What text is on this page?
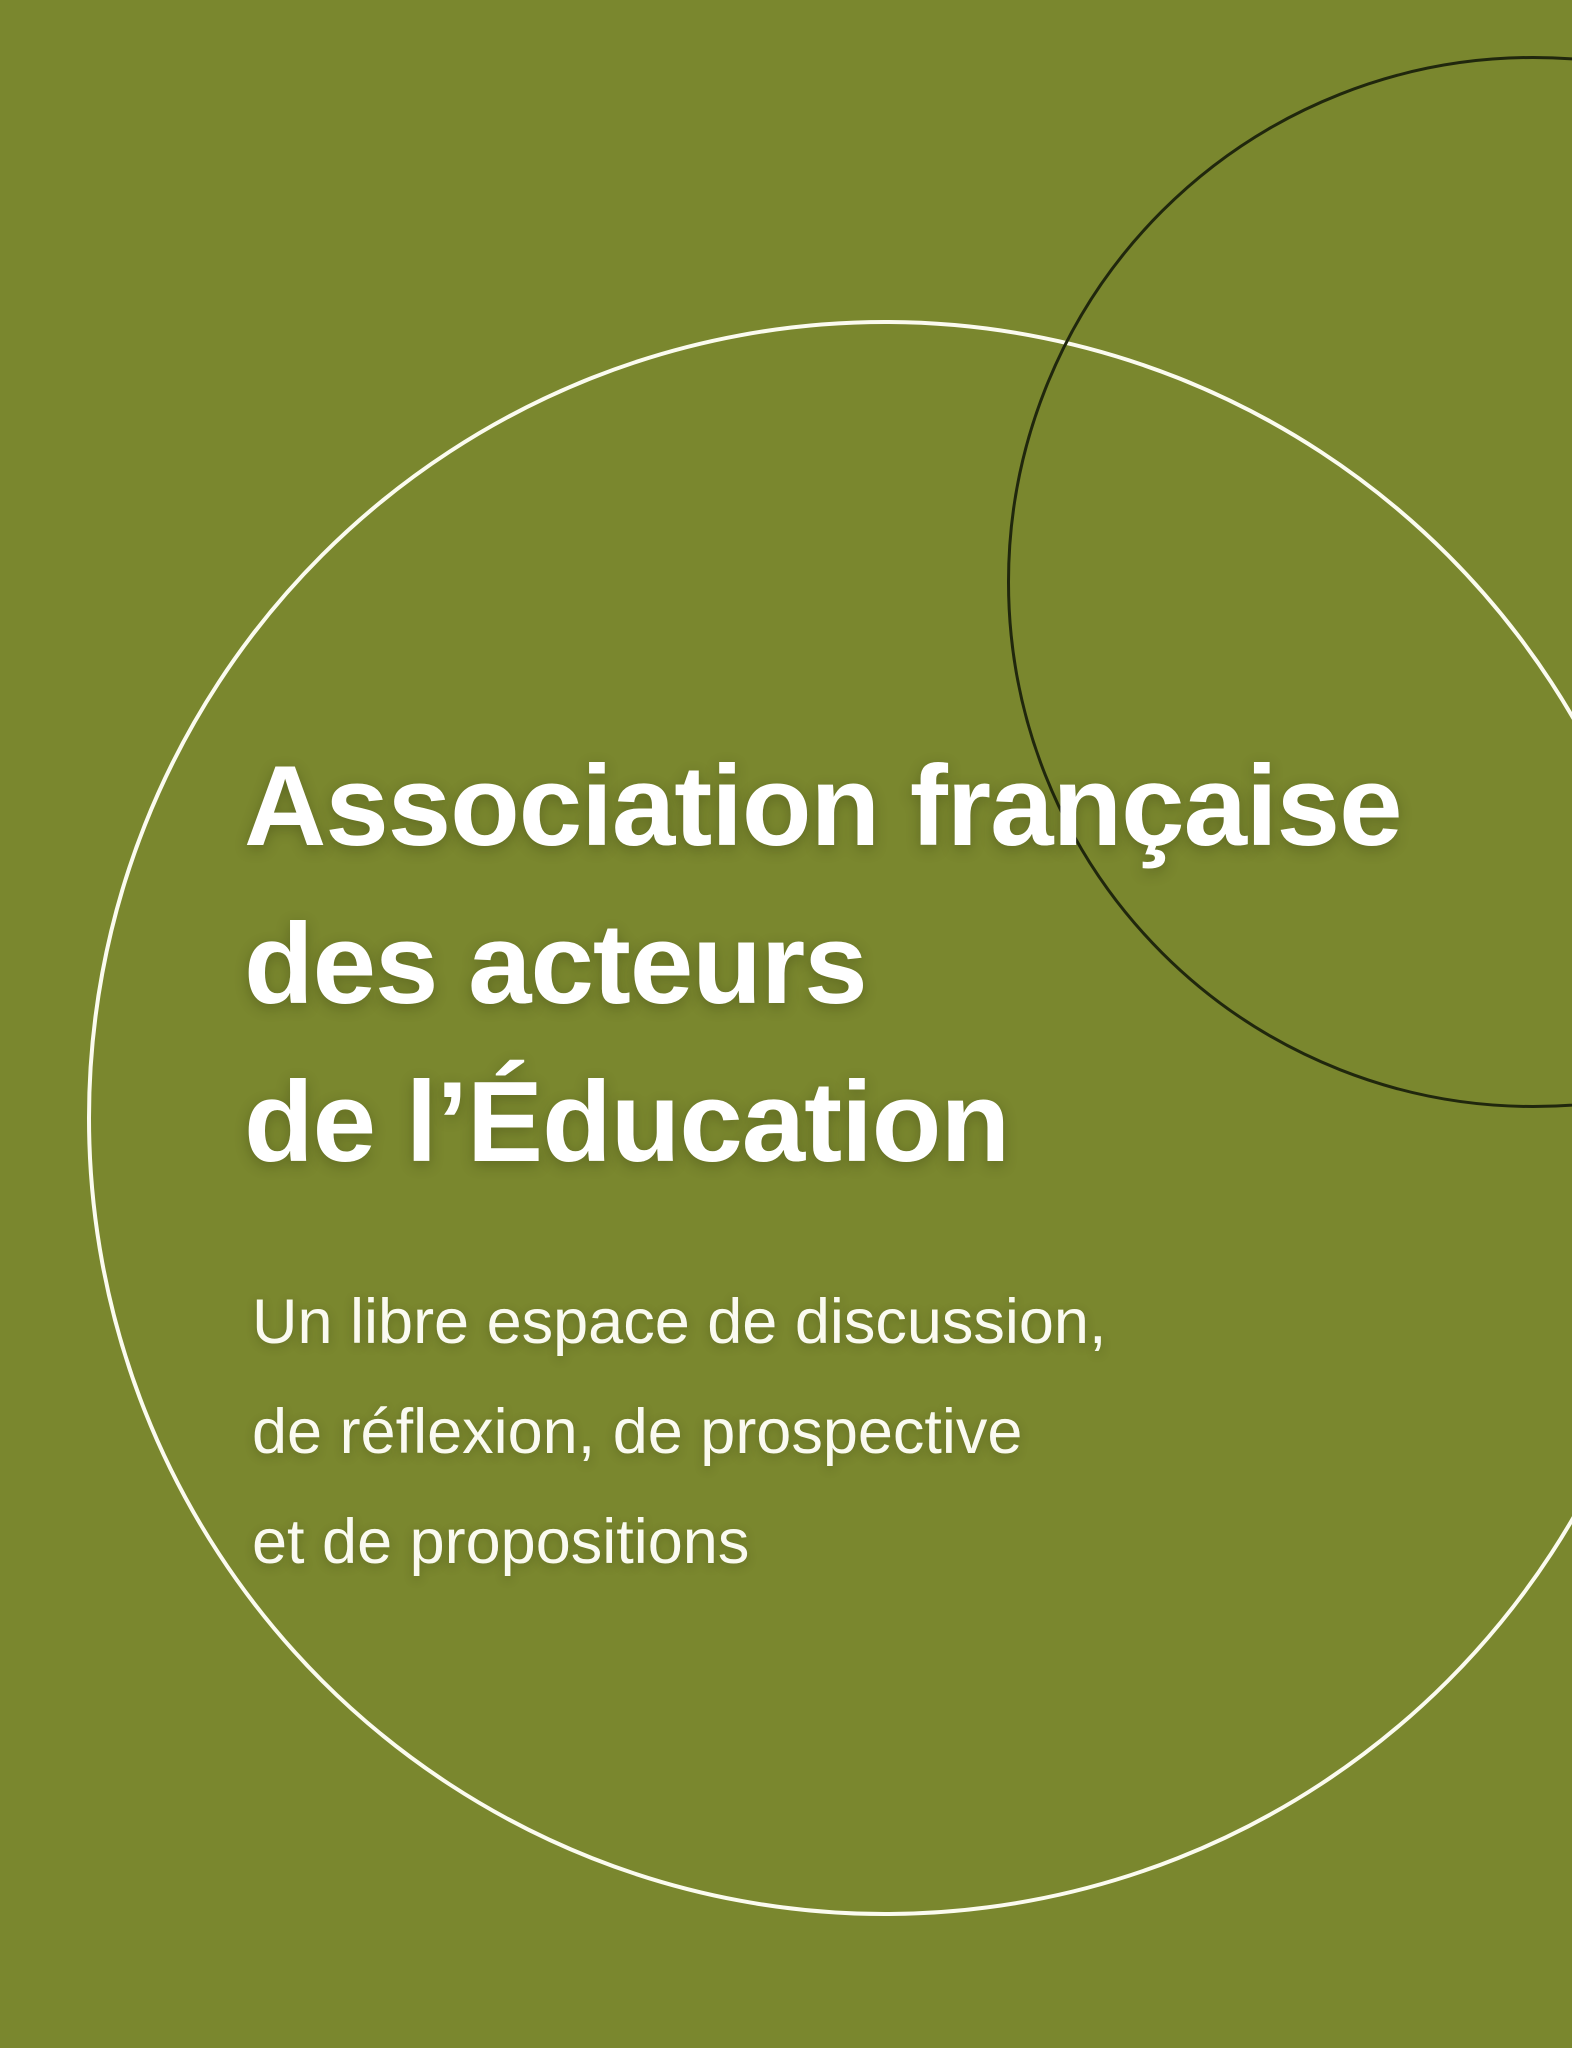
Association française
des acteurs
de l’Éducation

Un libre espace de discussion,
de réflexion, de prospective
et de propositions
